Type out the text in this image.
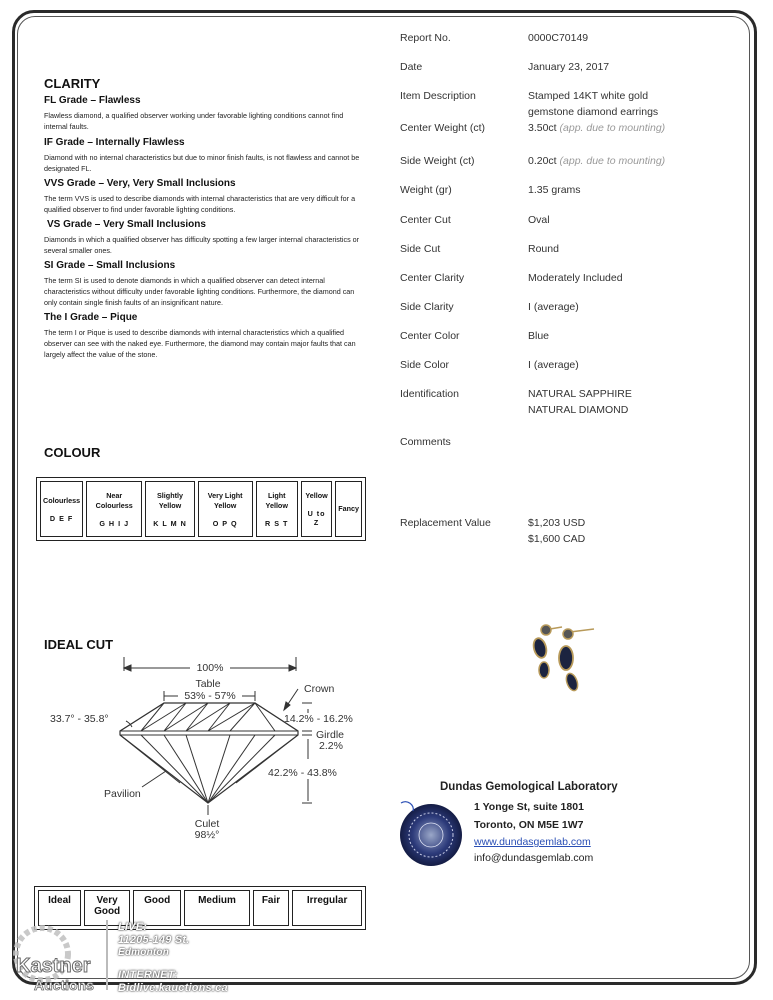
CLARITY
FL Grade – Flawless
Flawless diamond, a qualified observer working under favorable lighting conditions cannot find internal faults.
IF Grade – Internally Flawless
Diamond with no internal characteristics but due to minor finish faults, is not flawless and cannot be designated FL.
VVS Grade – Very, Very Small Inclusions
The term VVS is used to describe diamonds with internal characteristics that are very difficult for a qualified observer to find under favorable lighting conditions.
VS Grade – Very Small Inclusions
Diamonds in which a qualified observer has difficulty spotting a few larger internal characteristics or several smaller ones.
SI Grade – Small Inclusions
The term SI is used to denote diamonds in which a qualified observer can detect internal characteristics without difficulty under favorable lighting conditions. Furthermore, the diamond can only contain single finish faults of an insignificant nature.
The I Grade – Pique
The term I or Pique is used to describe diamonds with internal characteristics which a qualified observer can see with the naked eye. Furthermore, the diamond may contain major faults that can largely affect the value of the stone.
COLOUR
Colourless
D E F

Near Colourless
G H I J

Slightly Yellow
K L M N

Very Light Yellow
O P Q

Light Yellow
R S T

Yellow
U to Z

Fancy
IDEAL CUT
100%
Table
53% - 57%
Crown
33.7° - 35.8°	14.2% - 16.2%
Girdle
2.2%
42.2% - 43.8%
Pavilion
Culet
98½°
Ideal	Very Good	Good	Medium	Fair	Irregular
Report No.	0000C70149
Date	January 23, 2017
Item Description	Stamped 14KT white gold
gemstone diamond earrings
Center Weight (ct)	3.50ct (app. due to mounting)
Side Weight (ct)	0.20ct (app. due to mounting)
Weight (gr)	1.35 grams
Center Cut	Oval
Side Cut	Round
Center Clarity	Moderately Included
Side Clarity	I (average)
Center Color	Blue
Side Color	I (average)
Identification	NATURAL SAPPHIRE
NATURAL DIAMOND
Comments
Replacement Value	$1,203 USD
$1,600 CAD
Dundas Gemological Laboratory
1 Yonge St, suite 1801
Toronto, ON M5E 1W7
www.dundasgemlab.com
info@dundasgemlab.com
Kastner
Auctions
LIVE:
11205-149 St.
Edmonton
INTERNET:
Bidlive.kauctions.ca
